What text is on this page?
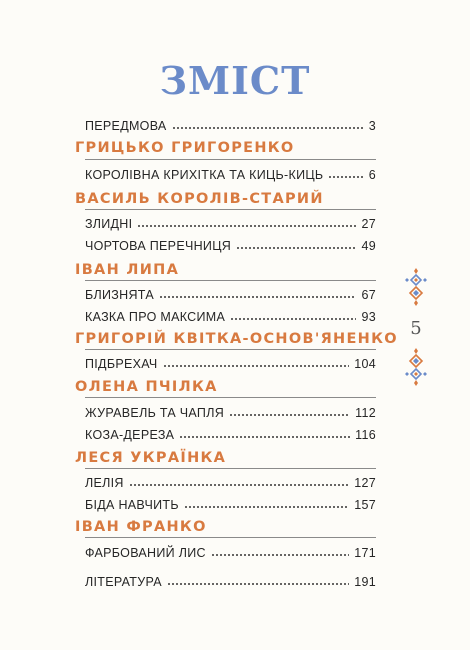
ЗМІСТ
ПЕРЕДМОВА	3
ГРИЦЬКО ГРИГОРЕНКО
КОРОЛІВНА КРИХІТКА ТА КИЦЬ-КИЦЬ	6
ВАСИЛЬ КОРОЛІВ-СТАРИЙ
ЗЛИДНІ	27
ЧОРТОВА ПЕРЕЧНИЦЯ	49
ІВАН ЛИПА
БЛИЗНЯТА	67
КАЗКА ПРО МАКСИМА	93
ГРИГОРІЙ КВІТКА-ОСНОВ'ЯНЕНКО
ПІДБРЕХАЧ	104
ОЛЕНА ПЧІЛКА
ЖУРАВЕЛЬ ТА ЧАПЛЯ	112
КОЗА-ДЕРЕЗА	116
ЛЕСЯ УКРАЇНКА
ЛЕЛІЯ	127
БІДА НАВЧИТЬ	157
ІВАН ФРАНКО
ФАРБОВАНИЙ ЛИС	171
ЛІТЕРАТУРА	191
5
